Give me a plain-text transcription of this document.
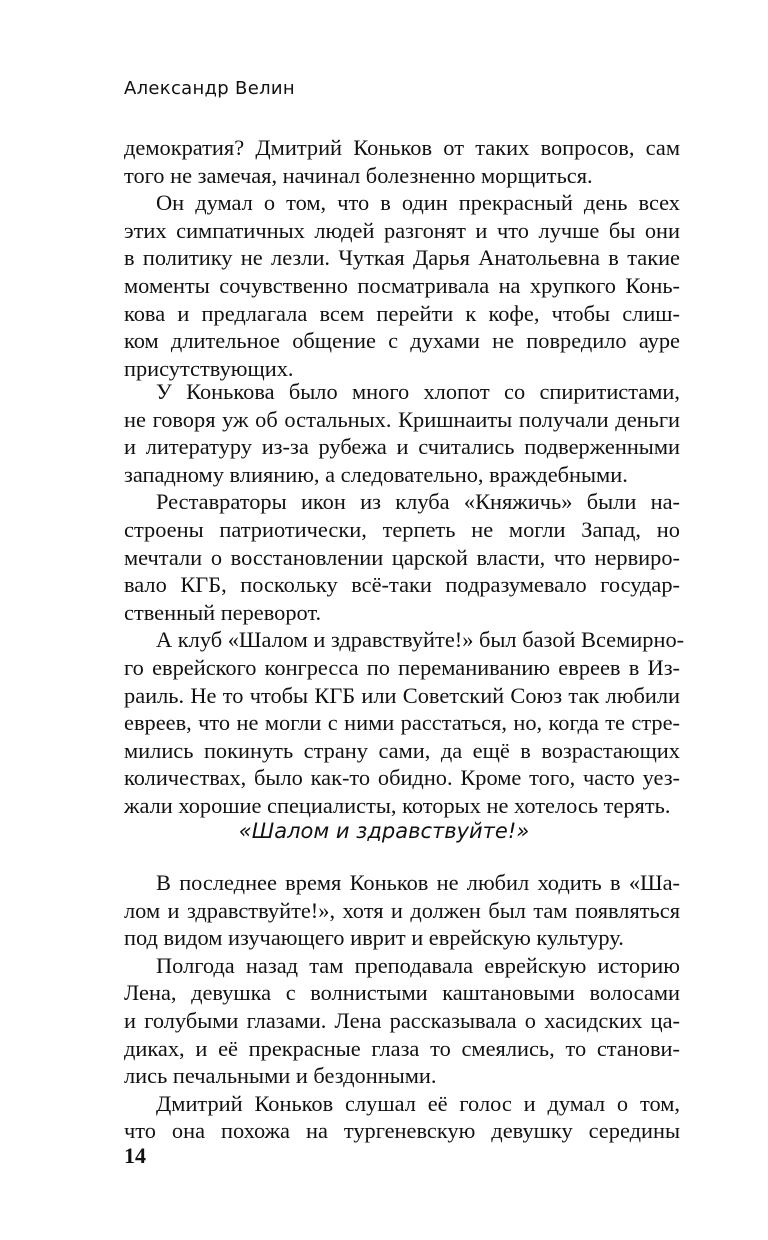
Александр Велин
демократия? Дмитрий Коньков от таких вопросов, сам
того не замечая, начинал болезненно морщиться.
Он думал о том, что в один прекрасный день всех
этих симпатичных людей разгонят и что лучше бы они
в политику не лезли. Чуткая Дарья Анатольевна в такие
моменты сочувственно посматривала на хрупкого Конь-
кова и предлагала всем перейти к кофе, чтобы слиш-
ком длительное общение с духами не повредило ауре
присутствующих.
У Конькова было много хлопот со спиритистами,
не говоря уж об остальных. Кришнаиты получали деньги
и литературу из-за рубежа и считались подверженными
западному влиянию, а следовательно, враждебными.
Реставраторы икон из клуба «Княжичь» были на-
строены патриотически, терпеть не могли Запад, но
мечтали о восстановлении царской власти, что нервиро-
вало КГБ, поскольку всё-таки подразумевало государ-
ственный переворот.
А клуб «Шалом и здравствуйте!» был базой Всемирно-
го еврейского конгресса по переманиванию евреев в Из-
раиль. Не то чтобы КГБ или Советский Союз так любили
евреев, что не могли с ними расстаться, но, когда те стре-
мились покинуть страну сами, да ещё в возрастающих
количествах, было как-то обидно. Кроме того, часто уез-
жали хорошие специалисты, которых не хотелось терять.
«Шалом и здравствуйте!»
В последнее время Коньков не любил ходить в «Ша-
лом и здравствуйте!», хотя и должен был там появляться
под видом изучающего иврит и еврейскую культуру.
Полгода назад там преподавала еврейскую историю
Лена, девушка с волнистыми каштановыми волосами
и голубыми глазами. Лена рассказывала о хасидских ца-
диках, и её прекрасные глаза то смеялись, то станови-
лись печальными и бездонными.
Дмитрий Коньков слушал её голос и думал о том,
что она похожа на тургеневскую девушку середины
14
